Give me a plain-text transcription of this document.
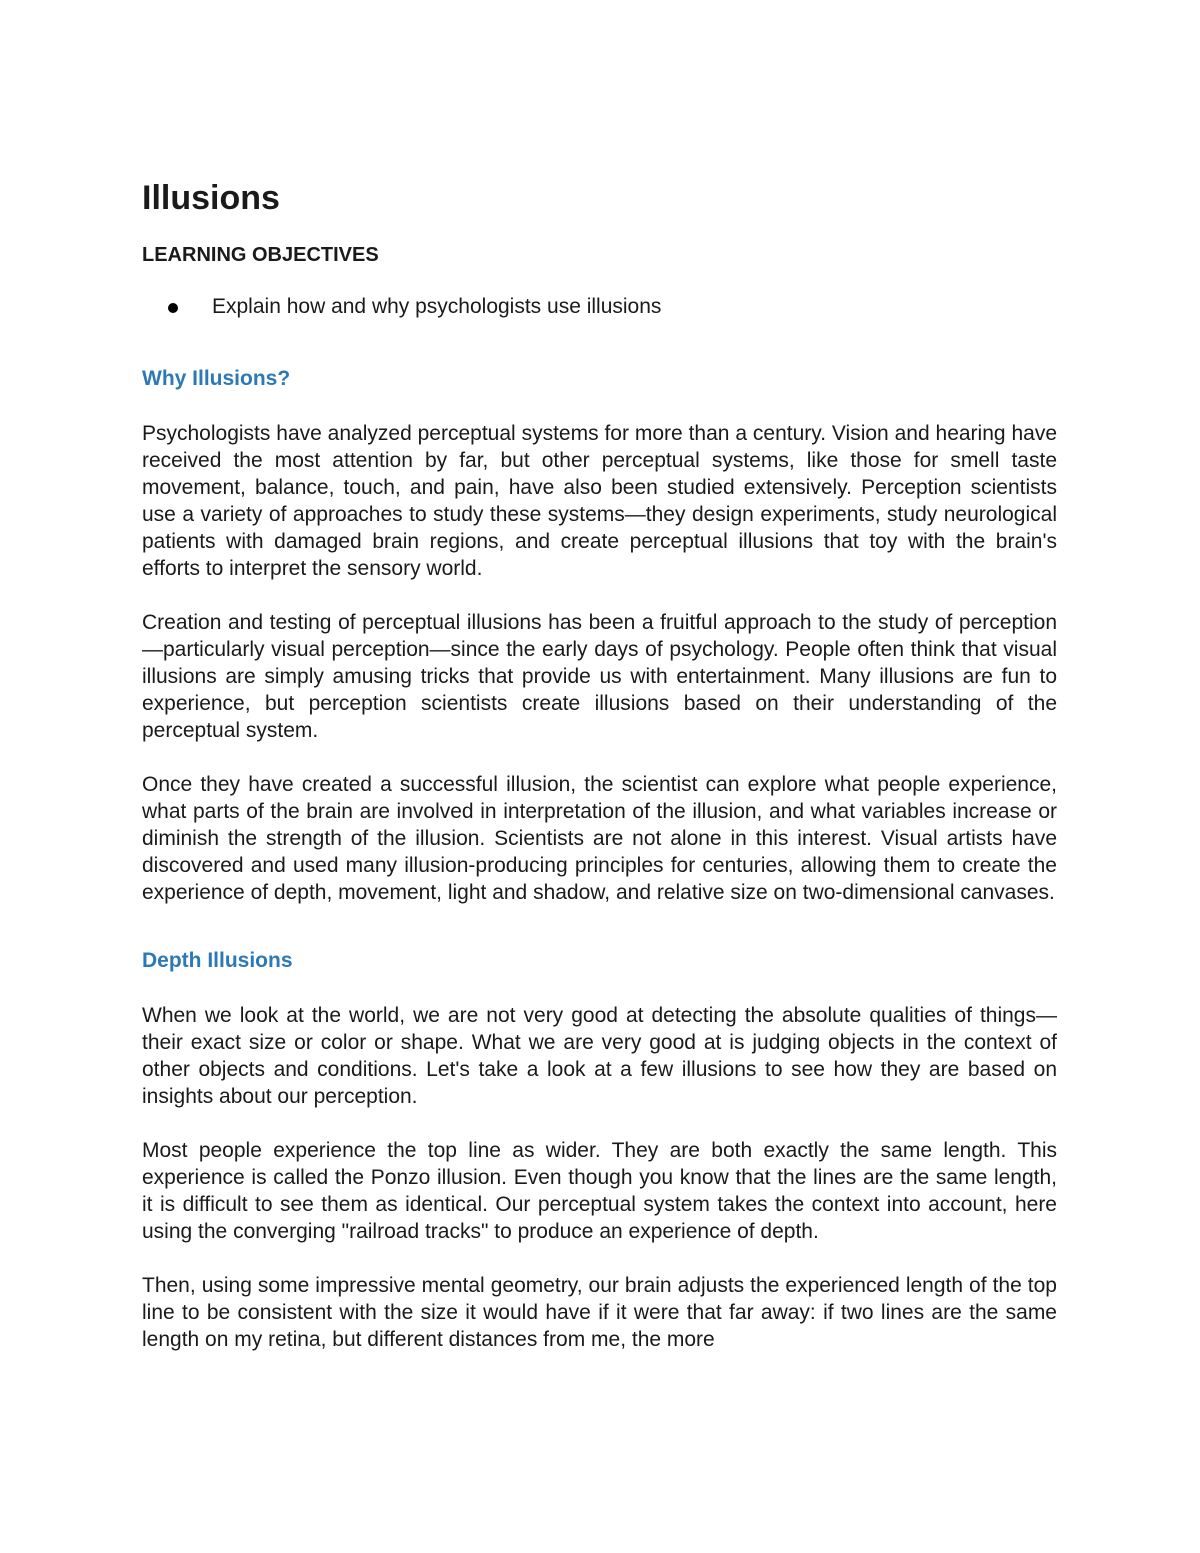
Illusions
LEARNING OBJECTIVES
Explain how and why psychologists use illusions
Why Illusions?

Psychologists have analyzed perceptual systems for more than a century. Vision and hearing have received the most attention by far, but other perceptual systems, like those for smell taste movement, balance, touch, and pain, have also been studied extensively. Perception scientists use a variety of approaches to study these systems—they design experiments, study neurological patients with damaged brain regions, and create perceptual illusions that toy with the brain's efforts to interpret the sensory world.

Creation and testing of perceptual illusions has been a fruitful approach to the study of perception—particularly visual perception—since the early days of psychology. People often think that visual illusions are simply amusing tricks that provide us with entertainment. Many illusions are fun to experience, but perception scientists create illusions based on their understanding of the perceptual system.

Once they have created a successful illusion, the scientist can explore what people experience, what parts of the brain are involved in interpretation of the illusion, and what variables increase or diminish the strength of the illusion. Scientists are not alone in this interest. Visual artists have discovered and used many illusion-producing principles for centuries, allowing them to create the experience of depth, movement, light and shadow, and relative size on two-dimensional canvases.

Depth Illusions

When we look at the world, we are not very good at detecting the absolute qualities of things—their exact size or color or shape. What we are very good at is judging objects in the context of other objects and conditions. Let's take a look at a few illusions to see how they are based on insights about our perception.

Most people experience the top line as wider. They are both exactly the same length. This experience is called the Ponzo illusion. Even though you know that the lines are the same length, it is difficult to see them as identical. Our perceptual system takes the context into account, here using the converging "railroad tracks" to produce an experience of depth.

Then, using some impressive mental geometry, our brain adjusts the experienced length of the top line to be consistent with the size it would have if it were that far away: if two lines are the same length on my retina, but different distances from me, the more
